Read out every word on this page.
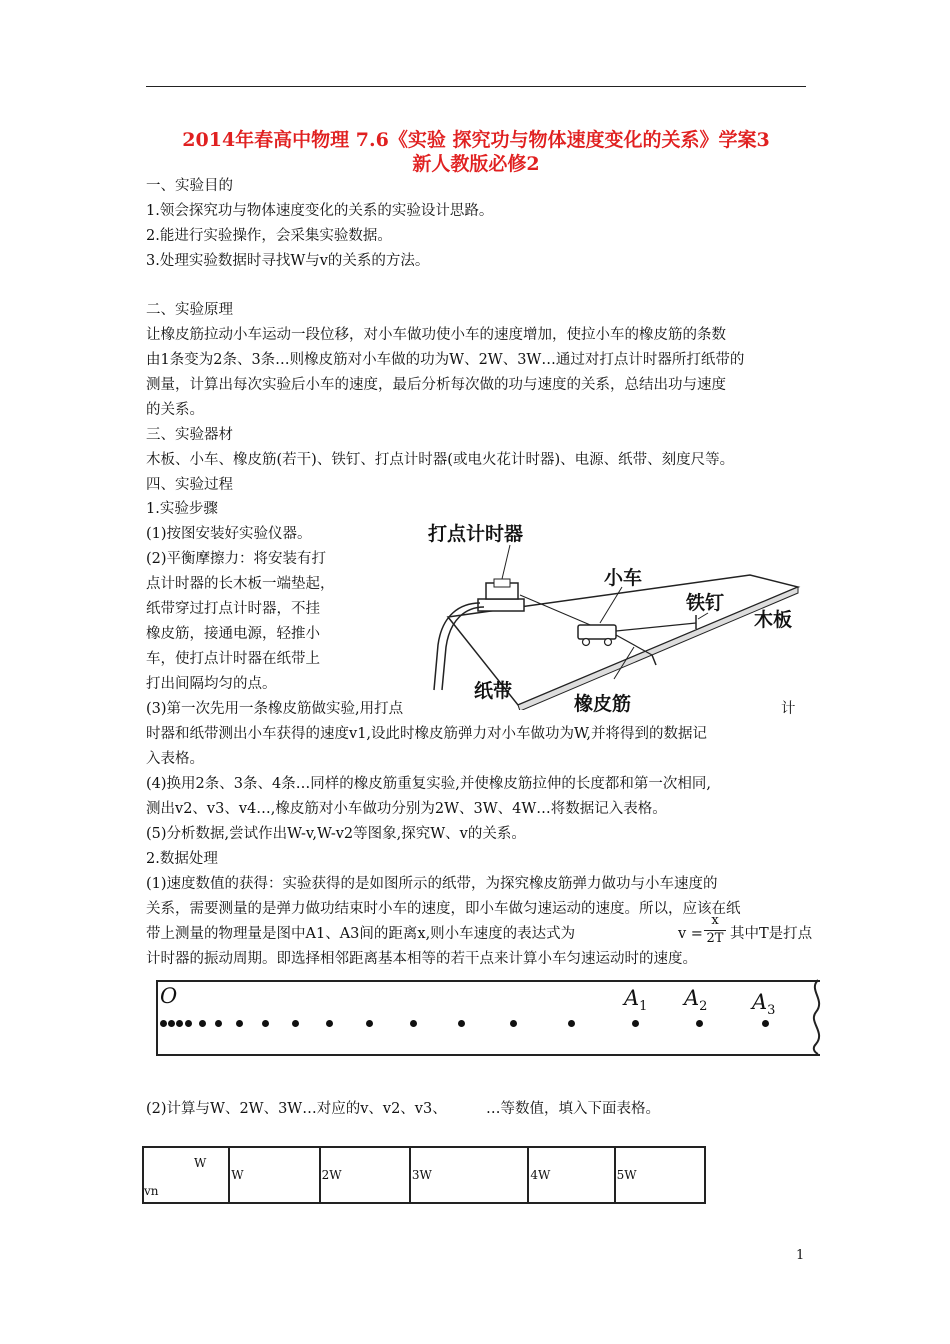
2014年春高中物理 7.6《实验 探究功与物体速度变化的关系》学案3
新人教版必修2
一、实验目的
1.领会探究功与物体速度变化的关系的实验设计思路。
2.能进行实验操作，会采集实验数据。
3.处理实验数据时寻找W与v的关系的方法。
二、实验原理
让橡皮筋拉动小车运动一段位移，对小车做功使小车的速度增加，使拉小车的橡皮筋的条数
由1条变为2条、3条…则橡皮筋对小车做的功为W、2W、3W…通过对打点计时器所打纸带的
测量，计算出每次实验后小车的速度，最后分析每次做的功与速度的关系，总结出功与速度
的关系。
三、实验器材
木板、小车、橡皮筋(若干)、铁钉、打点计时器(或电火花计时器)、电源、纸带、刻度尺等。
四、实验过程
1.实验步骤
(1)按图安装好实验仪器。
(2)平衡摩擦力：将安装有打
点计时器的长木板一端垫起，
纸带穿过打点计时器，不挂
橡皮筋，接通电源，轻推小
车，使打点计时器在纸带上
打出间隔均匀的点。
打点计时器
小车
铁钉
木板
纸带
橡皮筋
(3)第一次先用一条橡皮筋做实验,用打点	计
时器和纸带测出小车获得的速度v1,设此时橡皮筋弹力对小车做功为W,并将得到的数据记
入表格。
(4)换用2条、3条、4条…同样的橡皮筋重复实验,并使橡皮筋拉伸的长度都和第一次相同,
测出v2、v3、v4…,橡皮筋对小车做功分别为2W、3W、4W…将数据记入表格。
(5)分析数据,尝试作出W-v,W-v2等图象,探究W、v的关系。
2.数据处理
(1)速度数值的获得：实验获得的是如图所示的纸带，为探究橡皮筋弹力做功与小车速度的
关系，需要测量的是弹力做功结束时小车的速度，即小车做匀速运动的速度。所以，应该在纸
带上测量的物理量是图中A1、A3间的距离x,则小车速度的表达式为	v =
x
2T 其中T是打点
计时器的振动周期。即选择相邻距离基本相等的若干点来计算小车匀速运动时的速度。
O	$A_1$ $A_2$ $A_3$
(2)计算与W、2W、3W…对应的v、v2、v3、	…等数值，填入下面表格。
W
vn
	W	2W	3W	4W	5W
1
